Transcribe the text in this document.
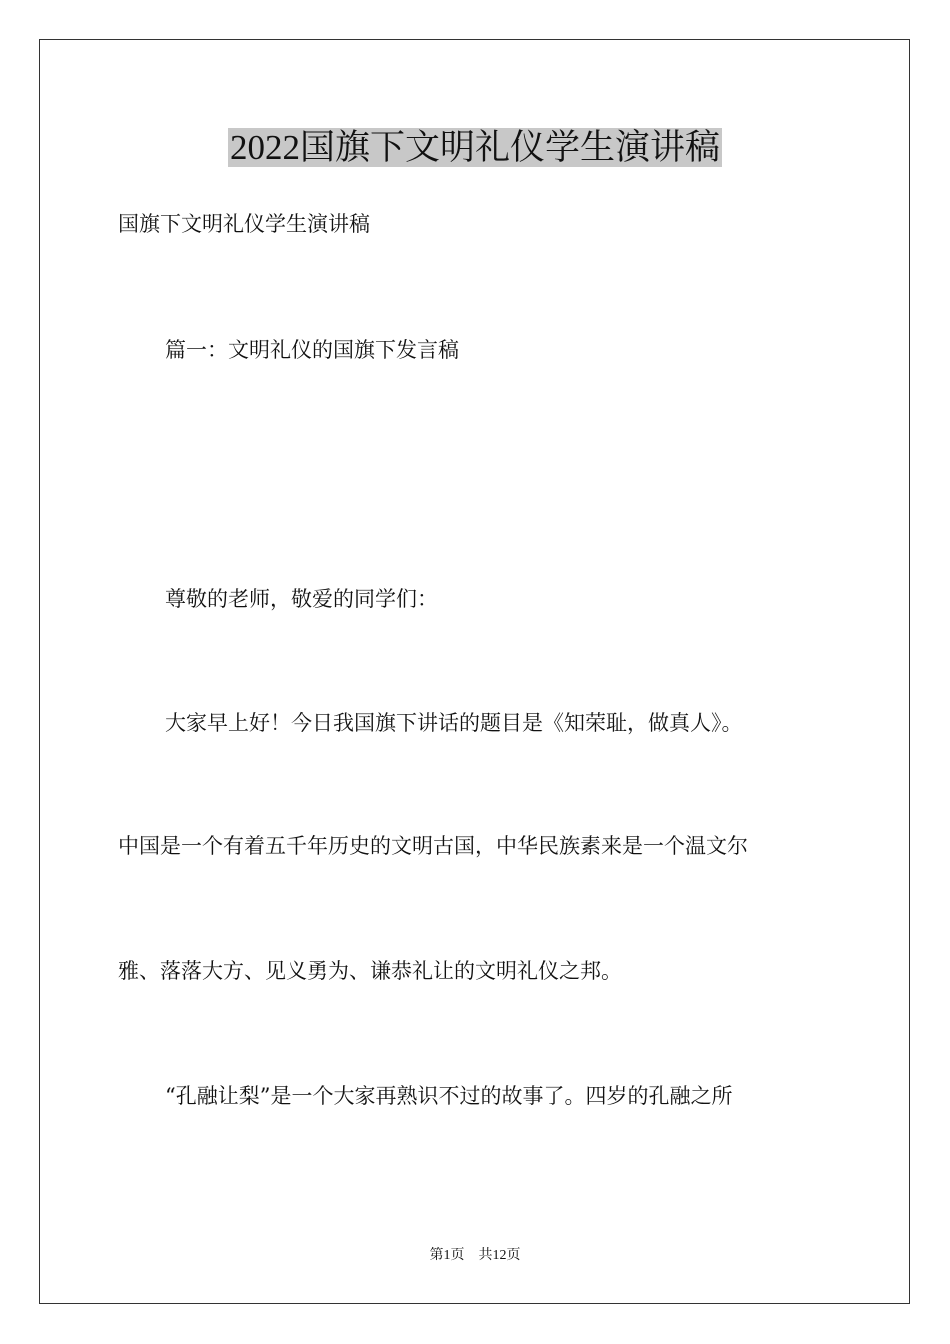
2022国旗下文明礼仪学生演讲稿

国旗下文明礼仪学生演讲稿

篇一：文明礼仪的国旗下发言稿

尊敬的老师，敬爱的同学们：

大家早上好！今日我国旗下讲话的题目是《知荣耻，做真人》。

中国是一个有着五千年历史的文明古国，中华民族素来是一个温文尔

雅、落落大方、见义勇为、谦恭礼让的文明礼仪之邦。

“孔融让梨”是一个大家再熟识不过的故事了。四岁的孔融之所

第1页 共12页
